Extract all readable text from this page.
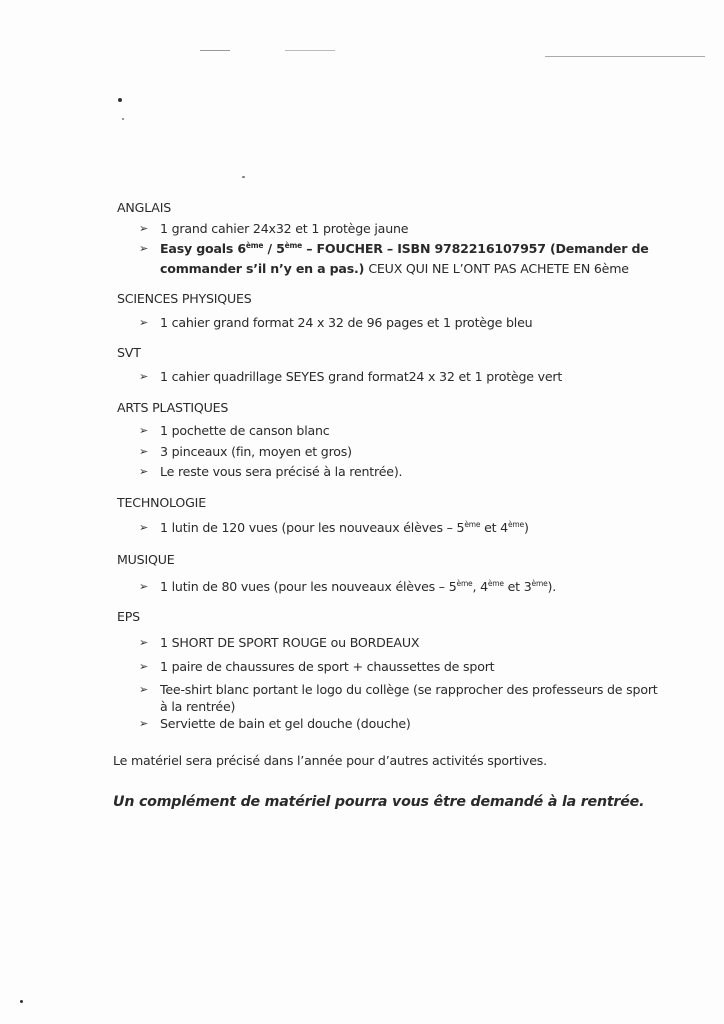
ANGLAIS
➢ 1 grand cahier 24x32 et 1 protège jaune
➢ Easy goals 6ème / 5ème – FOUCHER – ISBN 9782216107957 (Demander de
commander s’il n’y en a pas.) CEUX QUI NE L’ONT PAS ACHETE EN 6ème
SCIENCES PHYSIQUES
➢ 1 cahier grand format 24 x 32 de 96 pages et 1 protège bleu
SVT
➢ 1 cahier quadrillage SEYES grand format24 x 32 et 1 protège vert
ARTS PLASTIQUES
➢ 1 pochette de canson blanc
➢ 3 pinceaux (fin, moyen et gros)
➢ Le reste vous sera précisé à la rentrée).
TECHNOLOGIE
➢ 1 lutin de 120 vues (pour les nouveaux élèves – 5ème et 4ème)
MUSIQUE
➢ 1 lutin de 80 vues (pour les nouveaux élèves – 5ème, 4ème et 3ème).
EPS
➢ 1 SHORT DE SPORT ROUGE ou BORDEAUX
➢ 1 paire de chaussures de sport + chaussettes de sport
➢ Tee-shirt blanc portant le logo du collège (se rapprocher des professeurs de sport
à la rentrée)
➢ Serviette de bain et gel douche (douche)
Le matériel sera précisé dans l’année pour d’autres activités sportives.
Un complément de matériel pourra vous être demandé à la rentrée.
